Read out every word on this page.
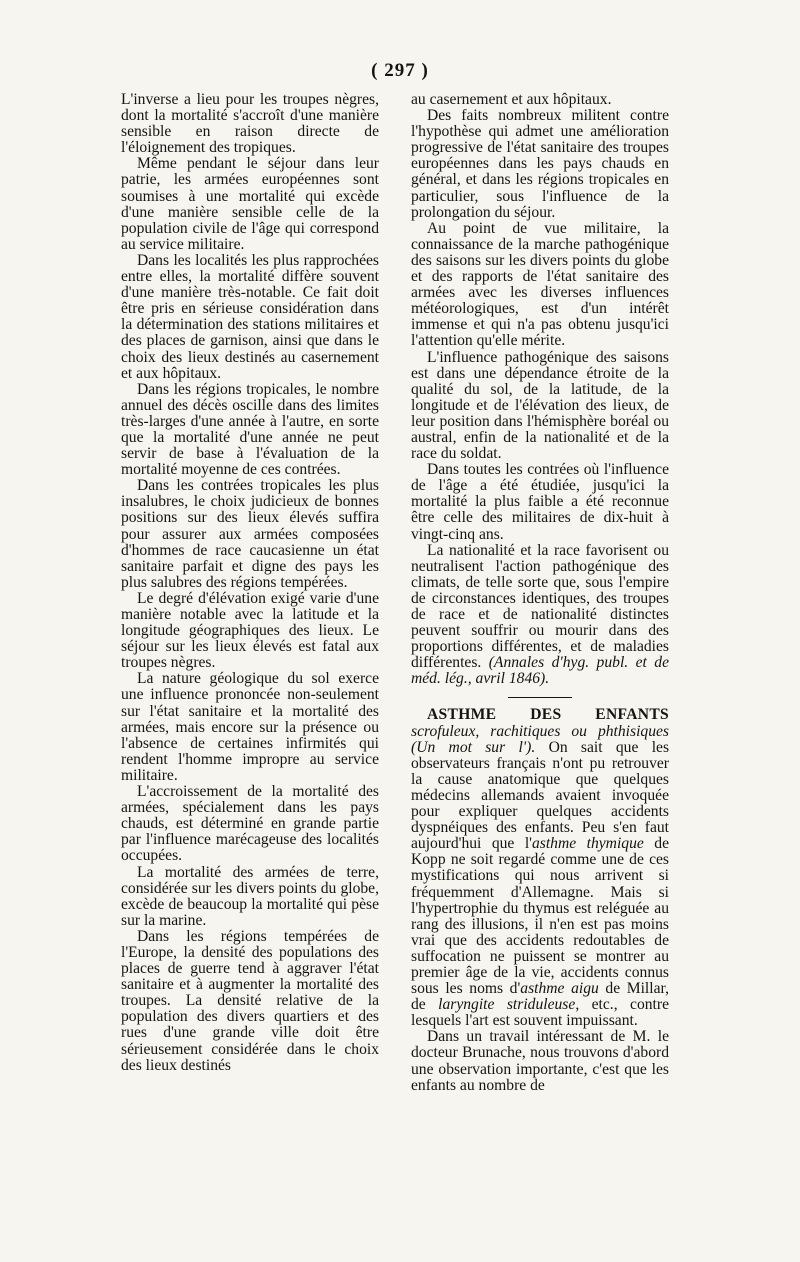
( 297 )

L'inverse a lieu pour les troupes nègres, dont la mortalité s'accroît d'une manière sensible en raison directe de l'éloignement des tropiques.

Même pendant le séjour dans leur patrie, les armées européennes sont soumises à une mortalité qui excède d'une manière sensible celle de la population civile de l'âge qui correspond au service militaire.

Dans les localités les plus rapprochées entre elles, la mortalité diffère souvent d'une manière très-notable. Ce fait doit être pris en sérieuse considération dans la détermination des stations militaires et des places de garnison, ainsi que dans le choix des lieux destinés au casernement et aux hôpitaux.

Dans les régions tropicales, le nombre annuel des décès oscille dans des limites très-larges d'une année à l'autre, en sorte que la mortalité d'une année ne peut servir de base à l'évaluation de la mortalité moyenne de ces contrées.

Dans les contrées tropicales les plus insalubres, le choix judicieux de bonnes positions sur des lieux élevés suffira pour assurer aux armées composées d'hommes de race caucasienne un état sanitaire parfait et digne des pays les plus salubres des régions tempérées.

Le degré d'élévation exigé varie d'une manière notable avec la latitude et la longitude géographiques des lieux. Le séjour sur les lieux élevés est fatal aux troupes nègres.

La nature géologique du sol exerce une influence prononcée non-seulement sur l'état sanitaire et la mortalité des armées, mais encore sur la présence ou l'absence de certaines infirmités qui rendent l'homme impropre au service militaire.

L'accroissement de la mortalité des armées, spécialement dans les pays chauds, est déterminé en grande partie par l'influence marécageuse des localités occupées.

La mortalité des armées de terre, considérée sur les divers points du globe, excède de beaucoup la mortalité qui pèse sur la marine.

Dans les régions tempérées de l'Europe, la densité des populations des places de guerre tend à aggraver l'état sanitaire et à augmenter la mortalité des troupes. La densité relative de la population des divers quartiers et des rues d'une grande ville doit être sérieusement considérée dans le choix des lieux destinés

au casernement et aux hôpitaux.

Des faits nombreux militent contre l'hypothèse qui admet une amélioration progressive de l'état sanitaire des troupes européennes dans les pays chauds en général, et dans les régions tropicales en particulier, sous l'influence de la prolongation du séjour.

Au point de vue militaire, la connaissance de la marche pathogénique des saisons sur les divers points du globe et des rapports de l'état sanitaire des armées avec les diverses influences météorologiques, est d'un intérêt immense et qui n'a pas obtenu jusqu'ici l'attention qu'elle mérite.

L'influence pathogénique des saisons est dans une dépendance étroite de la qualité du sol, de la latitude, de la longitude et de l'élévation des lieux, de leur position dans l'hémisphère boréal ou austral, enfin de la nationalité et de la race du soldat.

Dans toutes les contrées où l'influence de l'âge a été étudiée, jusqu'ici la mortalité la plus faible a été reconnue être celle des militaires de dix-huit à vingt-cinq ans.

La nationalité et la race favorisent ou neutralisent l'action pathogénique des climats, de telle sorte que, sous l'empire de circonstances identiques, des troupes de race et de nationalité distinctes peuvent souffrir ou mourir dans des proportions différentes, et de maladies différentes. (Annales d'hyg. publ. et de méd. lég., avril 1846).

ASTHME DES ENFANTS scrofuleux, rachitiques ou phthisiques (Un mot sur l'). On sait que les observateurs français n'ont pu retrouver la cause anatomique que quelques médecins allemands avaient invoquée pour expliquer quelques accidents dyspnéiques des enfants. Peu s'en faut aujourd'hui que l'asthme thymique de Kopp ne soit regardé comme une de ces mystifications qui nous arrivent si fréquemment d'Allemagne. Mais si l'hypertrophie du thymus est reléguée au rang des illusions, il n'en est pas moins vrai que des accidents redoutables de suffocation ne puissent se montrer au premier âge de la vie, accidents connus sous les noms d'asthme aigu de Millar, de laryngite striduleuse, etc., contre lesquels l'art est souvent impuissant.

Dans un travail intéressant de M. le docteur Brunache, nous trouvons d'abord une observation importante, c'est que les enfants au nombre de
